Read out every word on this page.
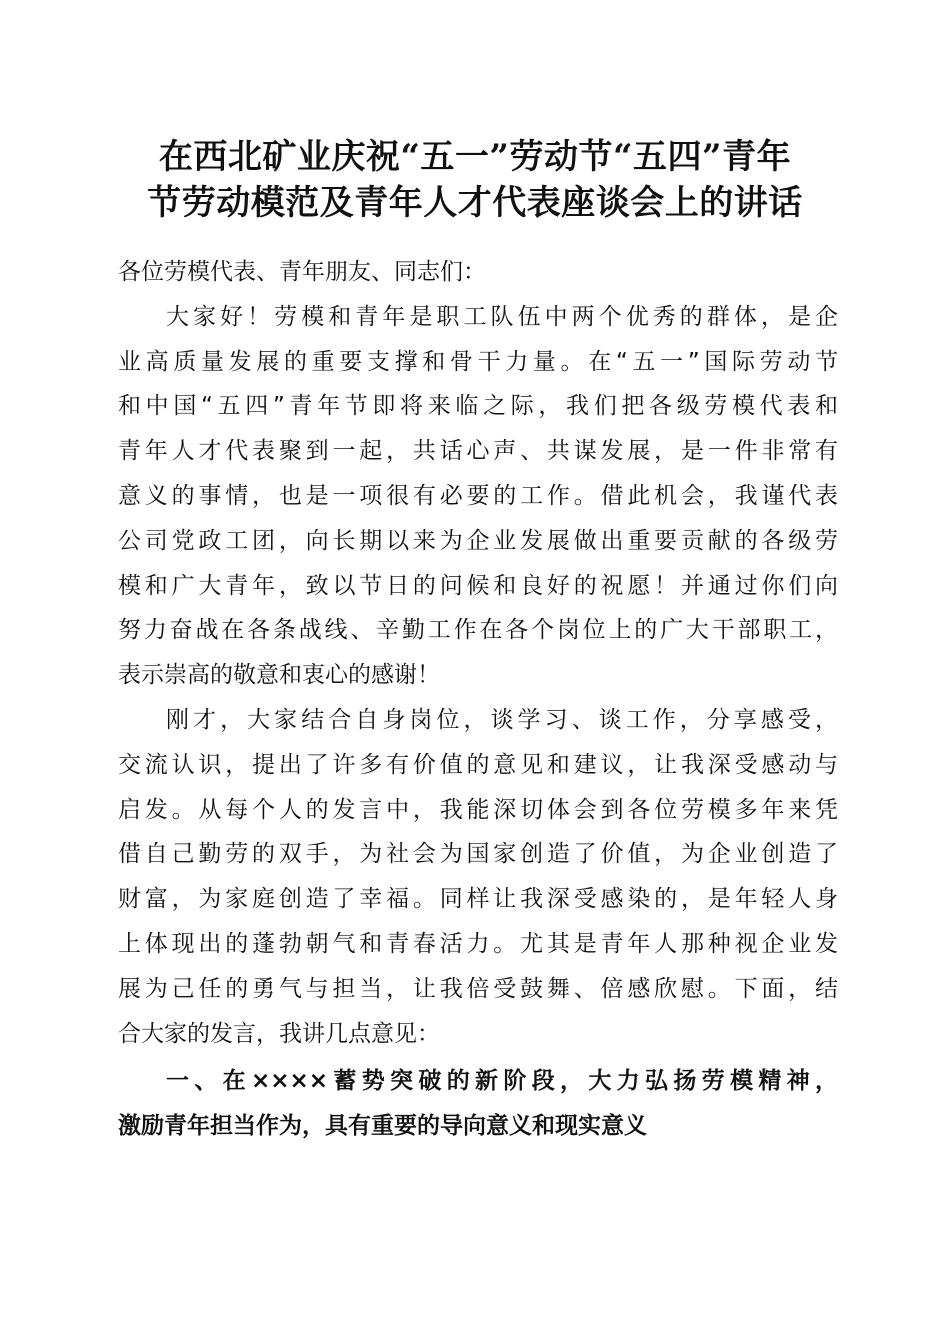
在西北矿业庆祝“五一”劳动节“五四”青年
节劳动模范及青年人才代表座谈会上的讲话
各位劳模代表、青年朋友、同志们：
大家好！劳模和青年是职工队伍中两个优秀的群体，是企
业高质量发展的重要支撑和骨干力量。在“五一”国际劳动节
和中国“五四”青年节即将来临之际，我们把各级劳模代表和
青年人才代表聚到一起，共话心声、共谋发展，是一件非常有
意义的事情，也是一项很有必要的工作。借此机会，我谨代表
公司党政工团，向长期以来为企业发展做出重要贡献的各级劳
模和广大青年，致以节日的问候和良好的祝愿！并通过你们向
努力奋战在各条战线、辛勤工作在各个岗位上的广大干部职工，
表示崇高的敬意和衷心的感谢！
刚才，大家结合自身岗位，谈学习、谈工作，分享感受，
交流认识，提出了许多有价值的意见和建议，让我深受感动与
启发。从每个人的发言中，我能深切体会到各位劳模多年来凭
借自己勤劳的双手，为社会为国家创造了价值，为企业创造了
财富，为家庭创造了幸福。同样让我深受感染的，是年轻人身
上体现出的蓬勃朝气和青春活力。尤其是青年人那种视企业发
展为己任的勇气与担当，让我倍受鼓舞、倍感欣慰。下面，结
合大家的发言，我讲几点意见：
一、在××××蓄势突破的新阶段，大力弘扬劳模精神，
激励青年担当作为，具有重要的导向意义和现实意义
